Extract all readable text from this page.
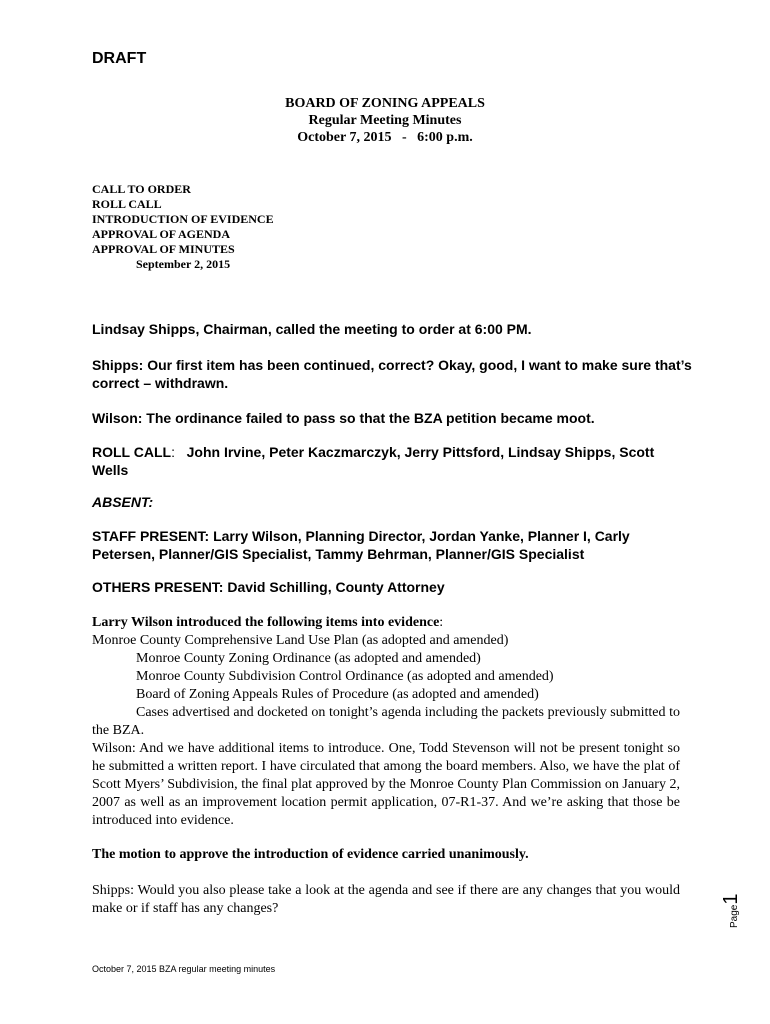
DRAFT
BOARD OF ZONING APPEALS
Regular Meeting Minutes
October 7, 2015   -   6:00 p.m.
CALL TO ORDER
ROLL CALL
INTRODUCTION OF EVIDENCE
APPROVAL OF AGENDA
APPROVAL OF MINUTES
September 2, 2015
Lindsay Shipps, Chairman, called the meeting to order at 6:00 PM.
Shipps: Our first item has been continued, correct? Okay, good, I want to make sure that’s correct – withdrawn.
Wilson: The ordinance failed to pass so that the BZA petition became moot.
ROLL CALL: John Irvine, Peter Kaczmarczyk, Jerry Pittsford, Lindsay Shipps, Scott Wells
ABSENT:
STAFF PRESENT: Larry Wilson, Planning Director, Jordan Yanke, Planner I, Carly Petersen, Planner/GIS Specialist, Tammy Behrman, Planner/GIS Specialist
OTHERS PRESENT: David Schilling, County Attorney
Larry Wilson introduced the following items into evidence:
Monroe County Comprehensive Land Use Plan (as adopted and amended)
Monroe County Zoning Ordinance (as adopted and amended)
Monroe County Subdivision Control Ordinance (as adopted and amended)
Board of Zoning Appeals Rules of Procedure (as adopted and amended)
Cases advertised and docketed on tonight’s agenda including the packets previously submitted to the BZA.
Wilson: And we have additional items to introduce. One, Todd Stevenson will not be present tonight so he submitted a written report. I have circulated that among the board members. Also, we have the plat of Scott Myers’ Subdivision, the final plat approved by the Monroe County Plan Commission on January 2, 2007 as well as an improvement location permit application, 07-R1-37. And we’re asking that those be introduced into evidence.
The motion to approve the introduction of evidence carried unanimously.
Shipps: Would you also please take a look at the agenda and see if there are any changes that you would make or if staff has any changes?
October 7, 2015 BZA regular meeting minutes
Page1
